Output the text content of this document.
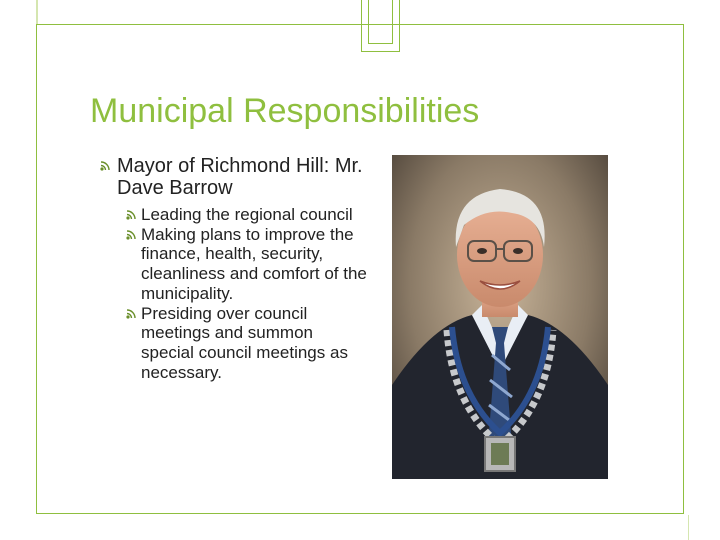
Municipal Responsibilities
Mayor of Richmond Hill: Mr. Dave Barrow
Leading the regional council
Making plans to improve the finance, health, security, cleanliness and comfort of the municipality.
Presiding over council meetings and summon special council meetings as necessary.
